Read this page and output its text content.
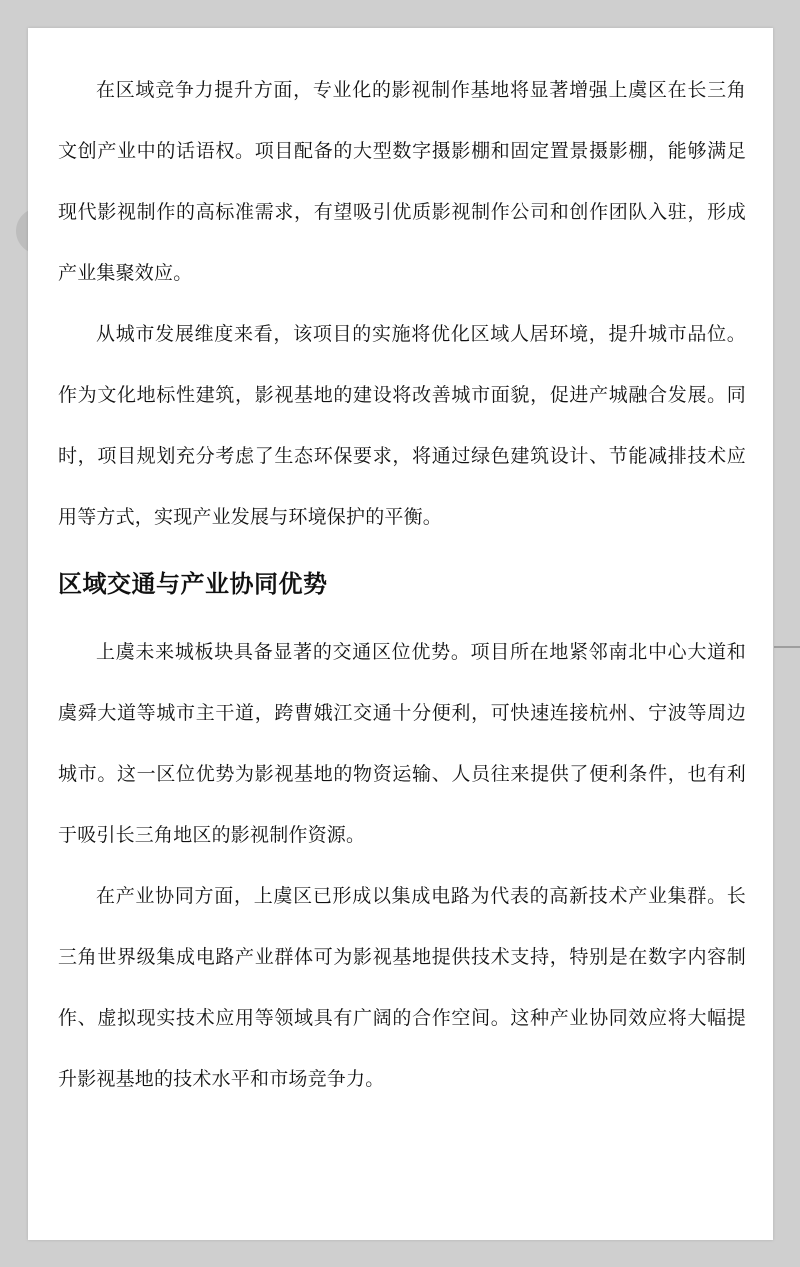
在区域竞争力提升方面，专业化的影视制作基地将显著增强上虞区在长三角文创产业中的话语权。项目配备的大型数字摄影棚和固定置景摄影棚，能够满足现代影视制作的高标准需求，有望吸引优质影视制作公司和创作团队入驻，形成产业集聚效应。

从城市发展维度来看，该项目的实施将优化区域人居环境，提升城市品位。作为文化地标性建筑，影视基地的建设将改善城市面貌，促进产城融合发展。同时，项目规划充分考虑了生态环保要求，将通过绿色建筑设计、节能减排技术应用等方式，实现产业发展与环境保护的平衡。

区域交通与产业协同优势

上虞未来城板块具备显著的交通区位优势。项目所在地紧邻南北中心大道和虞舜大道等城市主干道，跨曹娥江交通十分便利，可快速连接杭州、宁波等周边城市。这一区位优势为影视基地的物资运输、人员往来提供了便利条件，也有利于吸引长三角地区的影视制作资源。

在产业协同方面，上虞区已形成以集成电路为代表的高新技术产业集群。长三角世界级集成电路产业群体可为影视基地提供技术支持，特别是在数字内容制作、虚拟现实技术应用等领域具有广阔的合作空间。这种产业协同效应将大幅提升影视基地的技术水平和市场竞争力。
